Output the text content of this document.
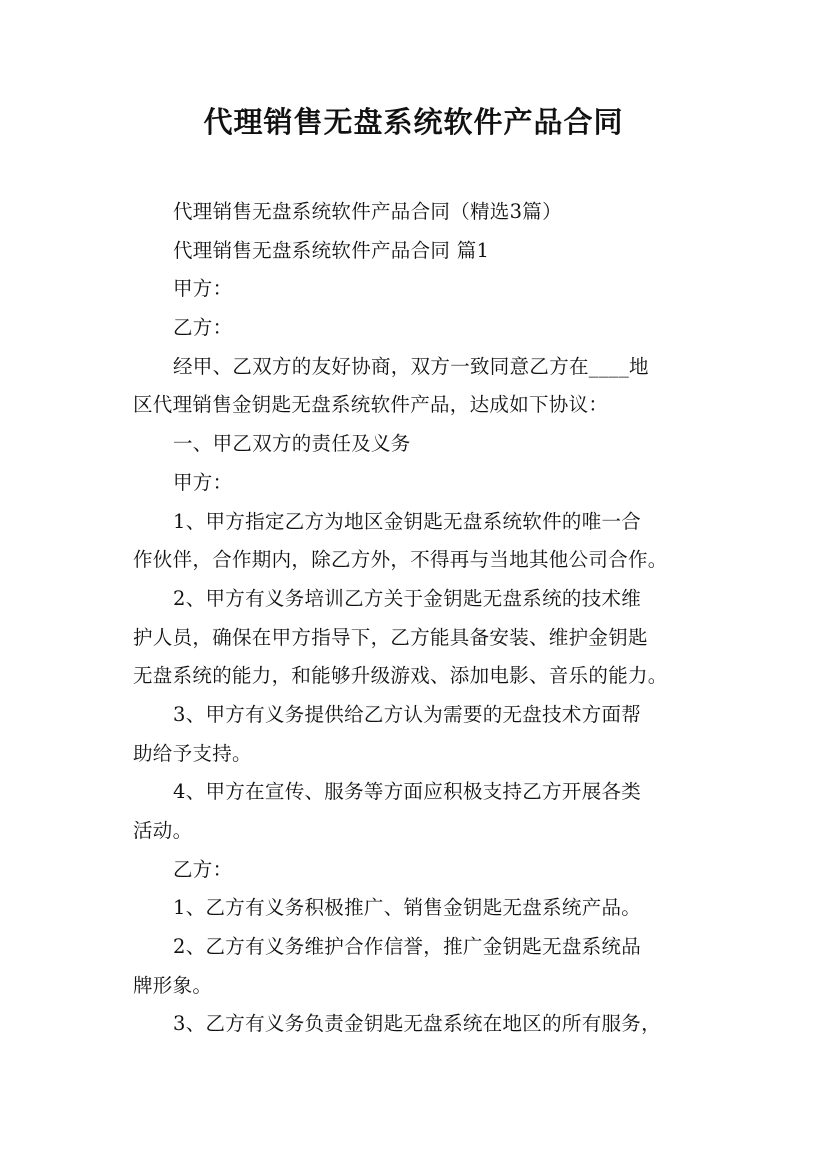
代理销售无盘系统软件产品合同
代理销售无盘系统软件产品合同（精选3篇）
代理销售无盘系统软件产品合同 篇1
甲方：
乙方：
经甲、乙双方的友好协商，双方一致同意乙方在____地
区代理销售金钥匙无盘系统软件产品，达成如下协议：
一、甲乙双方的责任及义务
甲方：
1、甲方指定乙方为地区金钥匙无盘系统软件的唯一合
作伙伴，合作期内，除乙方外，不得再与当地其他公司合作。
2、甲方有义务培训乙方关于金钥匙无盘系统的技术维
护人员，确保在甲方指导下，乙方能具备安装、维护金钥匙
无盘系统的能力，和能够升级游戏、添加电影、音乐的能力。
3、甲方有义务提供给乙方认为需要的无盘技术方面帮
助给予支持。
4、甲方在宣传、服务等方面应积极支持乙方开展各类
活动。
乙方：
1、乙方有义务积极推广、销售金钥匙无盘系统产品。
2、乙方有义务维护合作信誉，推广金钥匙无盘系统品
牌形象。
3、乙方有义务负责金钥匙无盘系统在地区的所有服务，
